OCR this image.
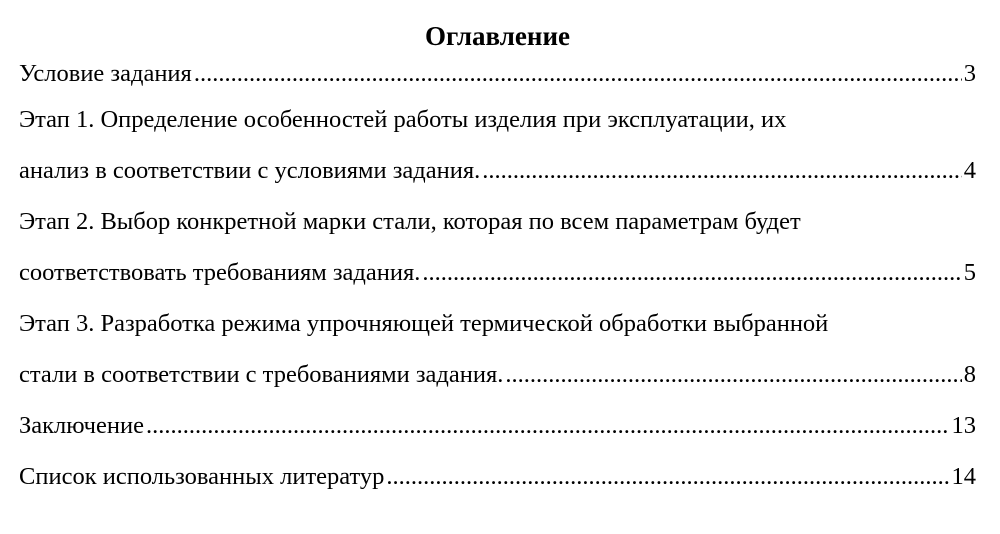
Оглавление
Условие задания .....	3
Этап 1. Определение особенностей работы изделия при эксплуатации, их
анализ в соответствии с условиями задания. .....	4
Этап 2. Выбор конкретной марки стали, которая по всем параметрам будет
соответствовать требованиям задания. .....	5
Этап 3. Разработка режима упрочняющей термической обработки выбранной
стали в соответствии с требованиями задания. .....	8
Заключение .....	13
Список использованных литератур .....	14
